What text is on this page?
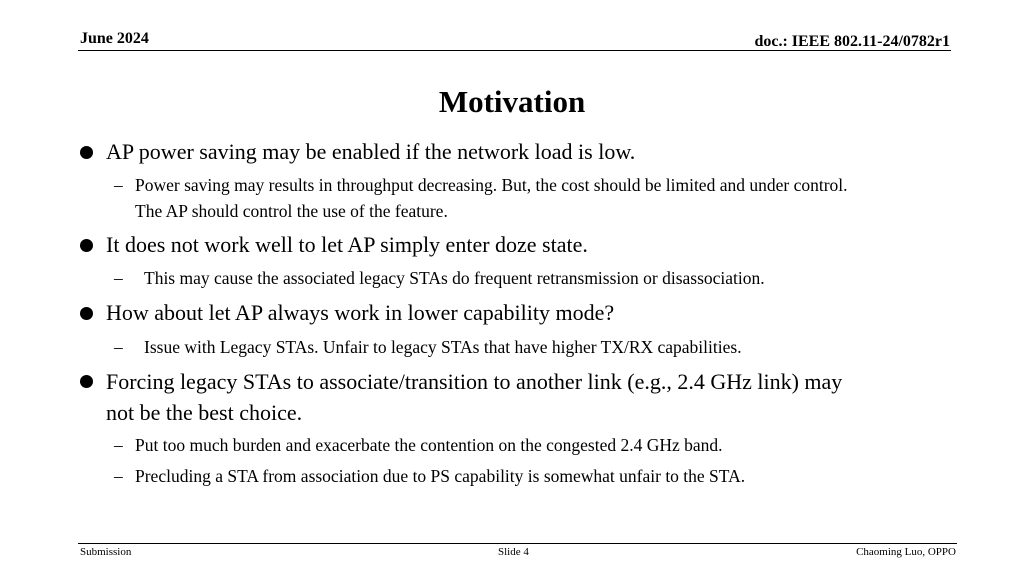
June 2024	doc.: IEEE 802.11-24/0782r1
Motivation
AP power saving may be enabled if the network load is low.
– Power saving may results in throughput decreasing. But, the cost should be limited and under control.
The AP should control the use of the feature.
It does not work well to let AP simply enter doze state.
– This may cause the associated legacy STAs do frequent retransmission or disassociation.
How about let AP always work in lower capability mode?
– Issue with Legacy STAs. Unfair to legacy STAs that have higher TX/RX capabilities.
Forcing legacy STAs to associate/transition to another link (e.g., 2.4 GHz link) may
not be the best choice.
– Put too much burden and exacerbate the contention on the congested 2.4 GHz band.
– Precluding a STA from association due to PS capability is somewhat unfair to the STA.
Submission	Slide 4	Chaoming Luo, OPPO
